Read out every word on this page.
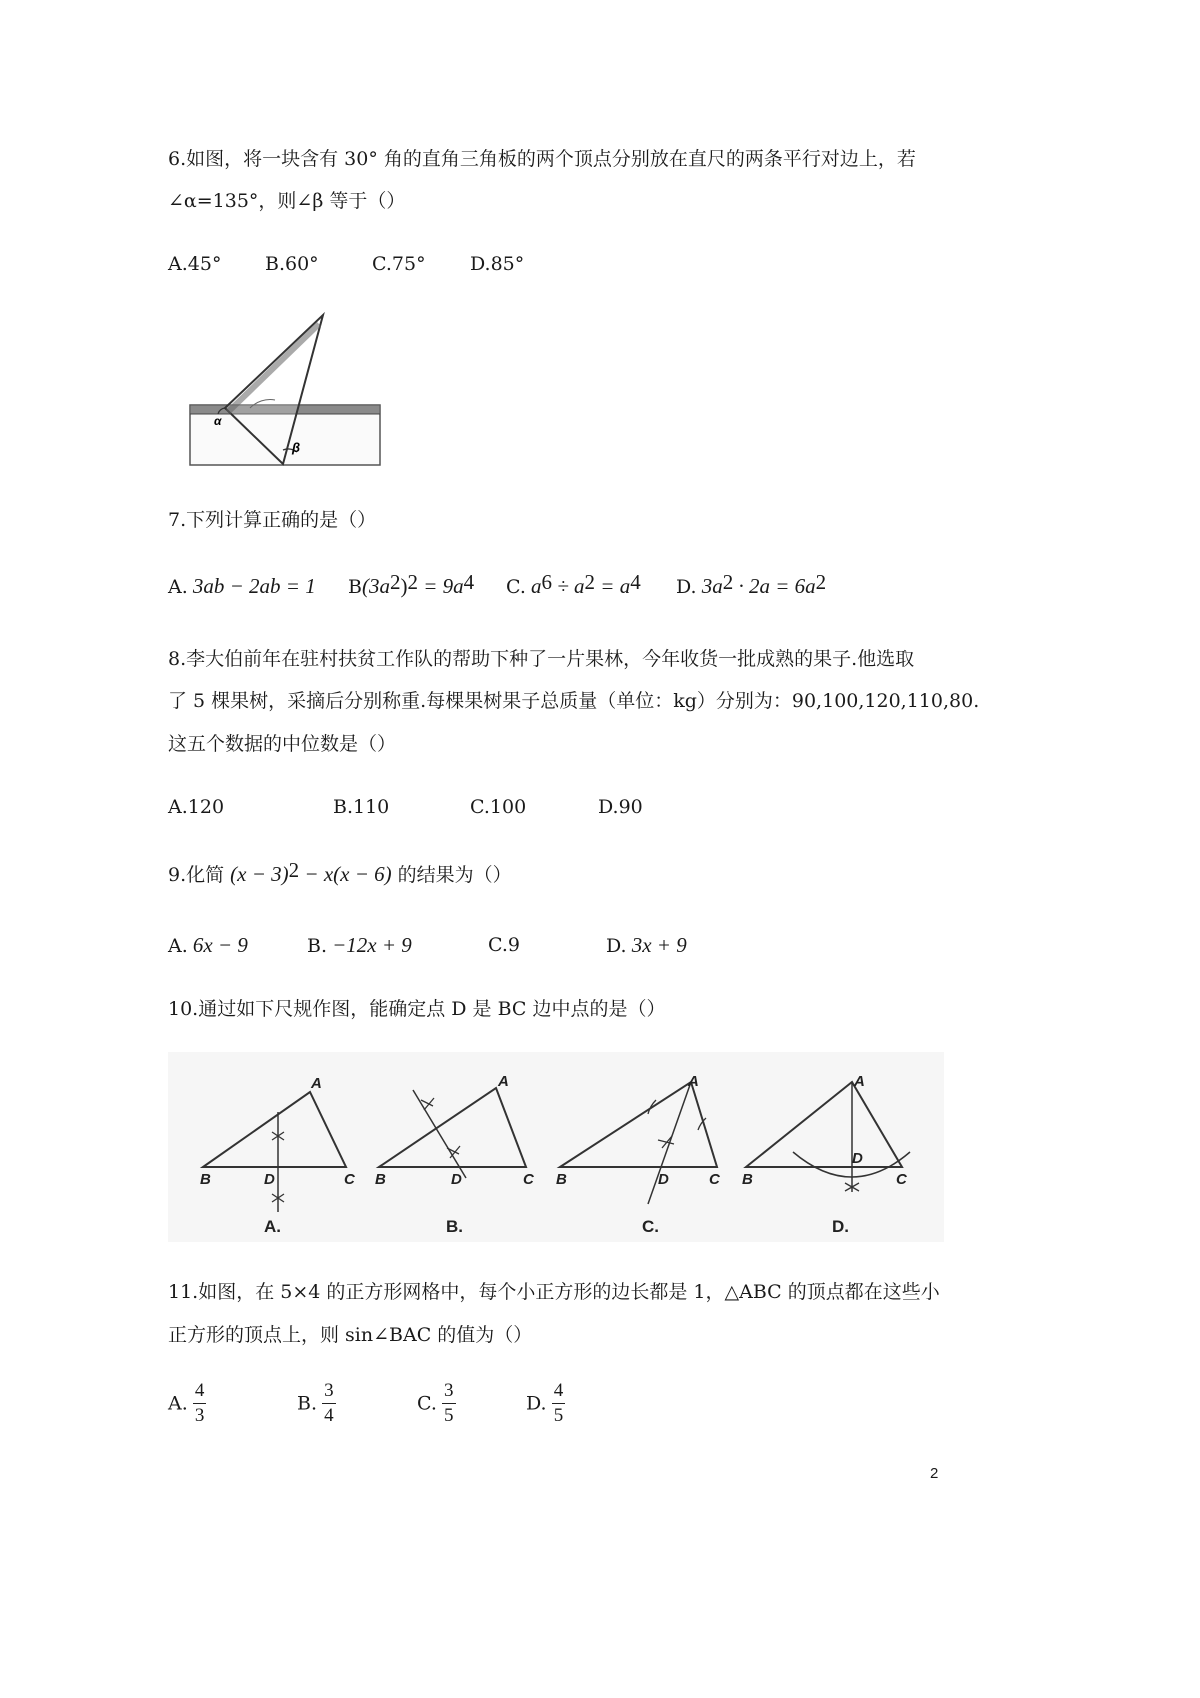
6.如图，将一块含有 30° 角的直角三角板的两个顶点分别放在直尺的两条平行对边上，若
∠α=135°，则∠β 等于（）
A.45° B.60°	C.75° D.85°
α
β
7.下列计算正确的是（）
A. 3ab − 2ab = 1 $B(3a^2)^2 = 9a^4$ C. $a^6 \div a^2 = a^4$ D. $3a^2 \cdot 2a = 6a^2$
8.李大伯前年在驻村扶贫工作队的帮助下种了一片果林，今年收货一批成熟的果子.他选取
了 5 棵果树，采摘后分别称重.每棵果树果子总质量（单位：kg）分别为：90,100,120,110,80.
这五个数据的中位数是（）
A.120	B.110	C.100	D.90
9.化简 $(x - 3)^2 - x(x - 6)$ 的结果为（）
A. 6x − 9	B. −12x + 9	C.9	D. 3x + 9
10.通过如下尺规作图，能确定点 D 是 BC 边中点的是（）
A
B	D	C
A
B	D	C
A
B	D	C
A
B
D
C
A.	B.	C.	D.
11.如图，在 5×4 的正方形网格中，每个小正方形的边长都是 1，△ABC 的顶点都在这些小
正方形的顶点上，则 sin∠BAC 的值为（）
A. $\frac{4}{3}$	B. $\frac{3}{4}$	C. $\frac{3}{5}$	D. $\frac{4}{5}$
2
